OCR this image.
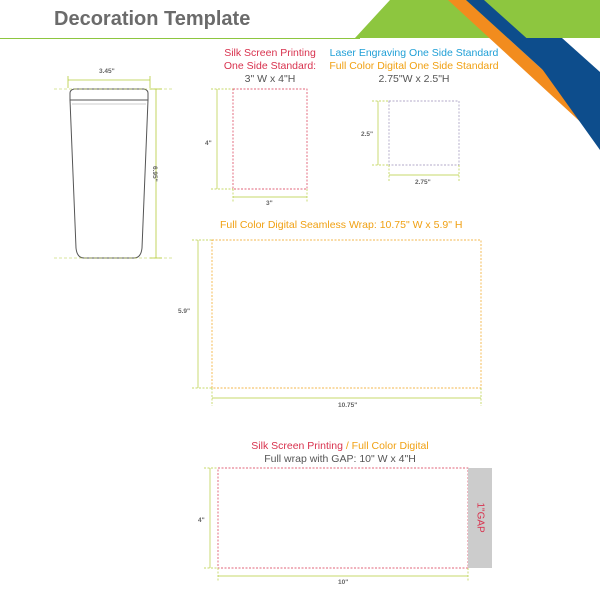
Decoration Template
3.45"
6.95"
Silk Screen Printing
One Side Standard:
3" W x 4"H
4"
3"
Laser Engraving One Side Standard
Full Color Digital One Side Standard
2.75"W x 2.5"H
2.5"
2.75"
Full Color Digital Seamless Wrap: 10.75" W x 5.9" H
5.9"
10.75"
Silk Screen Printing / Full Color Digital
Full wrap with GAP: 10" W x 4"H
4"
10"
1"GAP
